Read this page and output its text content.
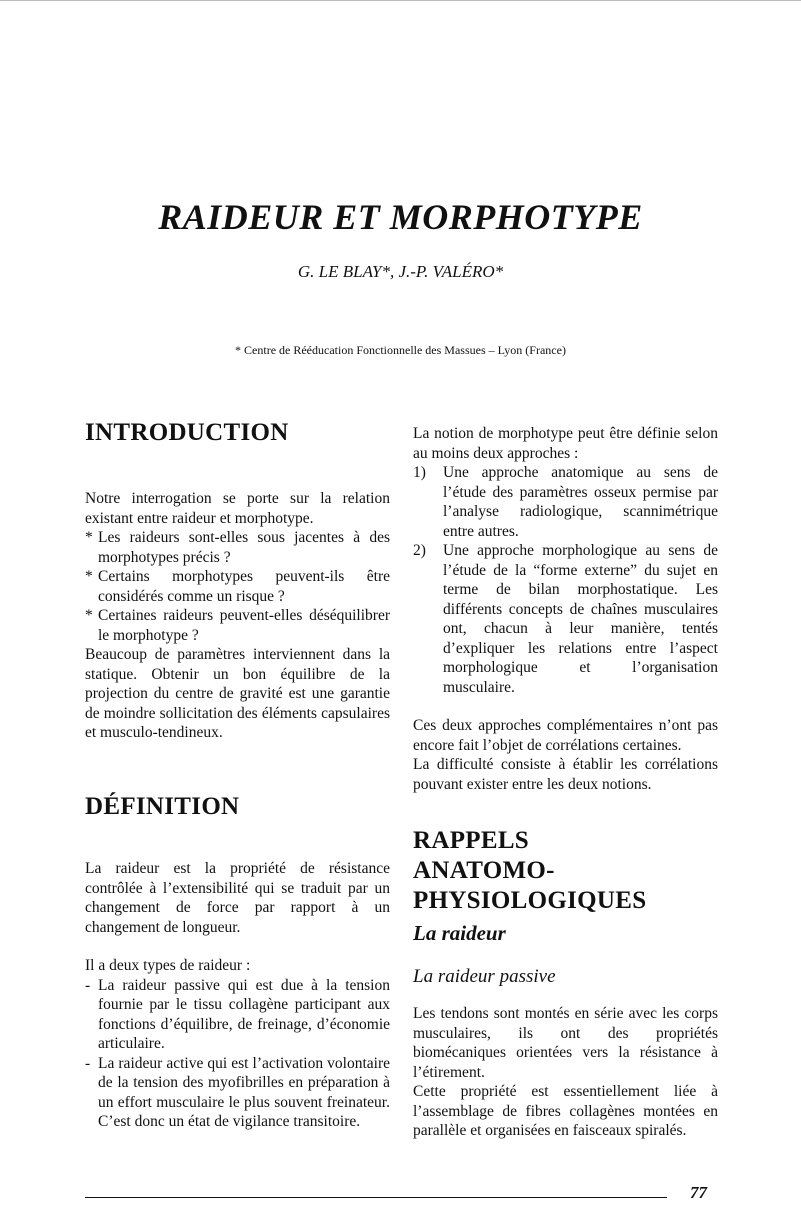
RAIDEUR ET MORPHOTYPE
G. LE BLAY*, J.-P. VALÉRO*
* Centre de Rééducation Fonctionnelle des Massues – Lyon (France)
INTRODUCTION

Notre interrogation se porte sur la relation existant entre raideur et morphotype.

* Les raideurs sont-elles sous jacentes à des morphotypes précis ?
* Certains morphotypes peuvent-ils être considérés comme un risque ?
* Certaines raideurs peuvent-elles déséquilibrer le morphotype ?

Beaucoup de paramètres interviennent dans la statique. Obtenir un bon équilibre de la projection du centre de gravité est une garantie de moindre sollicitation des éléments capsulaires et musculo-tendineux.

DÉFINITION

La raideur est la propriété de résistance contrôlée à l’extensibilité qui se traduit par un changement de force par rapport à un changement de longueur.

Il a deux types de raideur :

- La raideur passive qui est due à la tension fournie par le tissu collagène participant aux fonctions d’équilibre, de freinage, d’économie articulaire.
- La raideur active qui est l’activation volontaire de la tension des myofibrilles en préparation à un effort musculaire le plus souvent freinateur. C’est donc un état de vigilance transitoire.

La notion de morphotype peut être définie selon au moins deux approches :

1) Une approche anatomique au sens de l’étude des paramètres osseux permise par l’analyse radiologique, scannimétrique entre autres.
2) Une approche morphologique au sens de l’étude de la “forme externe” du sujet en terme de bilan morphostatique. Les différents concepts de chaînes musculaires ont, chacun à leur manière, tentés d’expliquer les relations entre l’aspect morphologique et l’organisation musculaire.

Ces deux approches complémentaires n’ont pas encore fait l’objet de corrélations certaines.

La difficulté consiste à établir les corrélations pouvant exister entre les deux notions.

RAPPELS ANATOMO-PHYSIOLOGIQUES
La raideur
La raideur passive

Les tendons sont montés en série avec les corps musculaires, ils ont des propriétés biomécaniques orientées vers la résistance à l’étirement.

Cette propriété est essentiellement liée à l’assemblage de fibres collagènes montées en parallèle et organisées en faisceaux spiralés.

77
